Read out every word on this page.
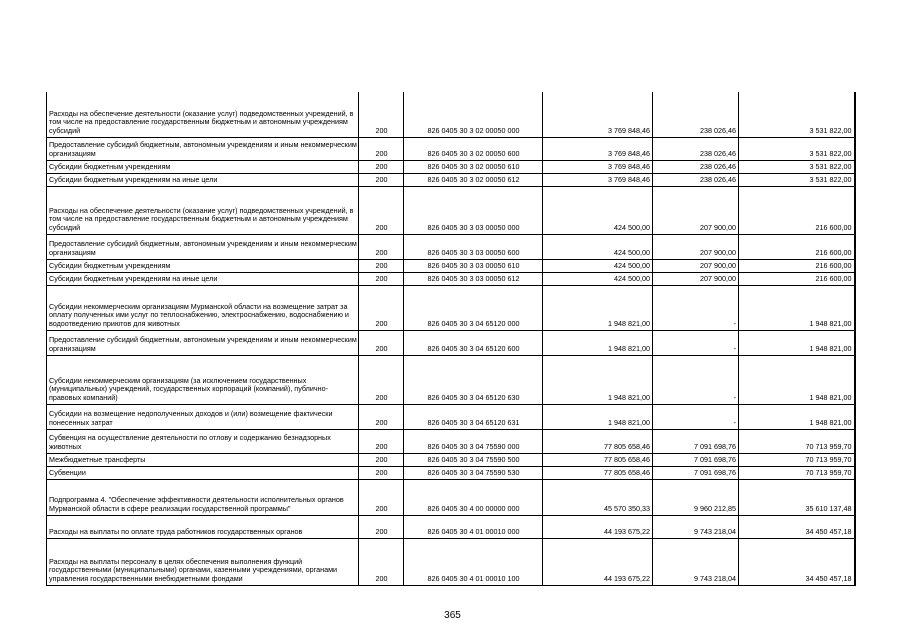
Расходы на обеспечение деятельности (оказание услуг) подведомственных учреждений, в том числе на предоставление государственным бюджетным и автономным учреждениям субсидий	200	826 0405 30 3 02 00050 000	3 769 848,46	238 026,46	3 531 822,00
Предоставление субсидий бюджетным, автономным учреждениям и иным некоммерческим организациям	200	826 0405 30 3 02 00050 600	3 769 848,46	238 026,46	3 531 822,00
Субсидии бюджетным учреждениям	200	826 0405 30 3 02 00050 610	3 769 848,46	238 026,46	3 531 822,00
Субсидии бюджетным учреждениям на иные цели	200	826 0405 30 3 02 00050 612	3 769 848,46	238 026,46	3 531 822,00
Расходы на обеспечение деятельности (оказание услуг) подведомственных учреждений, в том числе на предоставление государственным бюджетным и автономным учреждениям субсидий	200	826 0405 30 3 03 00050 000	424 500,00	207 900,00	216 600,00
Предоставление субсидий бюджетным, автономным учреждениям и иным некоммерческим организациям	200	826 0405 30 3 03 00050 600	424 500,00	207 900,00	216 600,00
Субсидии бюджетным учреждениям	200	826 0405 30 3 03 00050 610	424 500,00	207 900,00	216 600,00
Субсидии бюджетным учреждениям на иные цели	200	826 0405 30 3 03 00050 612	424 500,00	207 900,00	216 600,00
Субсидии некоммерческим организациям Мурманской области на возмещение затрат за оплату полученных ими услуг по теплоснабжению, электроснабжению, водоснабжению и водоотведению приютов для животных	200	826 0405 30 3 04 65120 000	1 948 821,00	-	1 948 821,00
Предоставление субсидий бюджетным, автономным учреждениям и иным некоммерческим организациям	200	826 0405 30 3 04 65120 600	1 948 821,00	-	1 948 821,00
Субсидии некоммерческим организациям (за исключением государственных (муниципальных) учреждений, государственных корпораций (компаний), публично-правовых компаний)	200	826 0405 30 3 04 65120 630	1 948 821,00	-	1 948 821,00
Субсидии на возмещение недополученных доходов и (или) возмещение фактически понесенных затрат	200	826 0405 30 3 04 65120 631	1 948 821,00	-	1 948 821,00
Субвенция на осуществление деятельности по отлову и содержанию безнадзорных животных	200	826 0405 30 3 04 75590 000	77 805 658,46	7 091 698,76	70 713 959,70
Межбюджетные трансферты	200	826 0405 30 3 04 75590 500	77 805 658,46	7 091 698,76	70 713 959,70
Субвенции	200	826 0405 30 3 04 75590 530	77 805 658,46	7 091 698,76	70 713 959,70
Подпрограмма 4. "Обеспечение эффективности деятельности исполнительных органов Мурманской области в сфере реализации государственной программы"	200	826 0405 30 4 00 00000 000	45 570 350,33	9 960 212,85	35 610 137,48
Расходы на выплаты по оплате труда работников государственных органов	200	826 0405 30 4 01 00010 000	44 193 675,22	9 743 218,04	34 450 457,18
Расходы на выплаты персоналу в целях обеспечения выполнения функций государственными (муниципальными) органами, казенными учреждениями, органами управления государственными внебюджетными фондами	200	826 0405 30 4 01 00010 100	44 193 675,22	9 743 218,04	34 450 457,18
365
